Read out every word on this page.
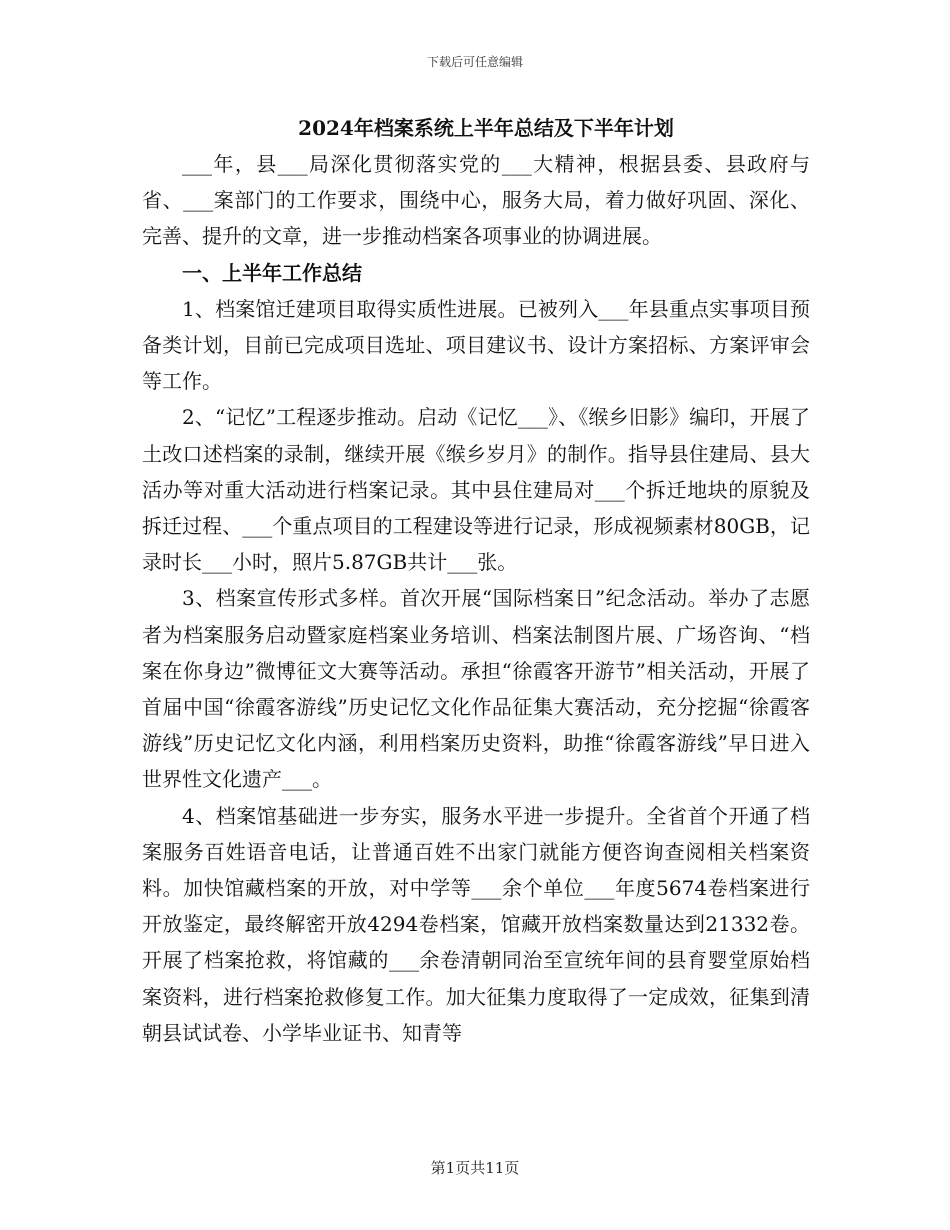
下载后可任意编辑
2024年档案系统上半年总结及下半年计划

___年，县___局深化贯彻落实党的___大精神，根据县委、县政府与省、___案部门的工作要求，围绕中心，服务大局，着力做好巩固、深化、完善、提升的文章，进一步推动档案各项事业的协调进展。

一、上半年工作总结

1、档案馆迁建项目取得实质性进展。已被列入___年县重点实事项目预备类计划，目前已完成项目选址、项目建议书、设计方案招标、方案评审会等工作。

2、“记忆”工程逐步推动。启动《记忆___》、《缑乡旧影》编印，开展了土改口述档案的录制，继续开展《缑乡岁月》的制作。指导县住建局、县大活办等对重大活动进行档案记录。其中县住建局对___个拆迁地块的原貌及拆迁过程、___个重点项目的工程建设等进行记录，形成视频素材80GB，记录时长___小时，照片5.87GB共计___张。

3、档案宣传形式多样。首次开展“国际档案日”纪念活动。举办了志愿者为档案服务启动暨家庭档案业务培训、档案法制图片展、广场咨询、“档案在你身边”微博征文大赛等活动。承担“徐霞客开游节”相关活动，开展了首届中国“徐霞客游线”历史记忆文化作品征集大赛活动，充分挖掘“徐霞客游线”历史记忆文化内涵，利用档案历史资料，助推“徐霞客游线”早日进入世界性文化遗产___。

4、档案馆基础进一步夯实，服务水平进一步提升。全省首个开通了档案服务百姓语音电话，让普通百姓不出家门就能方便咨询查阅相关档案资料。加快馆藏档案的开放，对中学等___余个单位___年度5674卷档案进行开放鉴定，最终解密开放4294卷档案，馆藏开放档案数量达到21332卷。开展了档案抢救，将馆藏的___余卷清朝同治至宣统年间的县育婴堂原始档案资料，进行档案抢救修复工作。加大征集力度取得了一定成效，征集到清朝县试试卷、小学毕业证书、知青等

第1页共11页
